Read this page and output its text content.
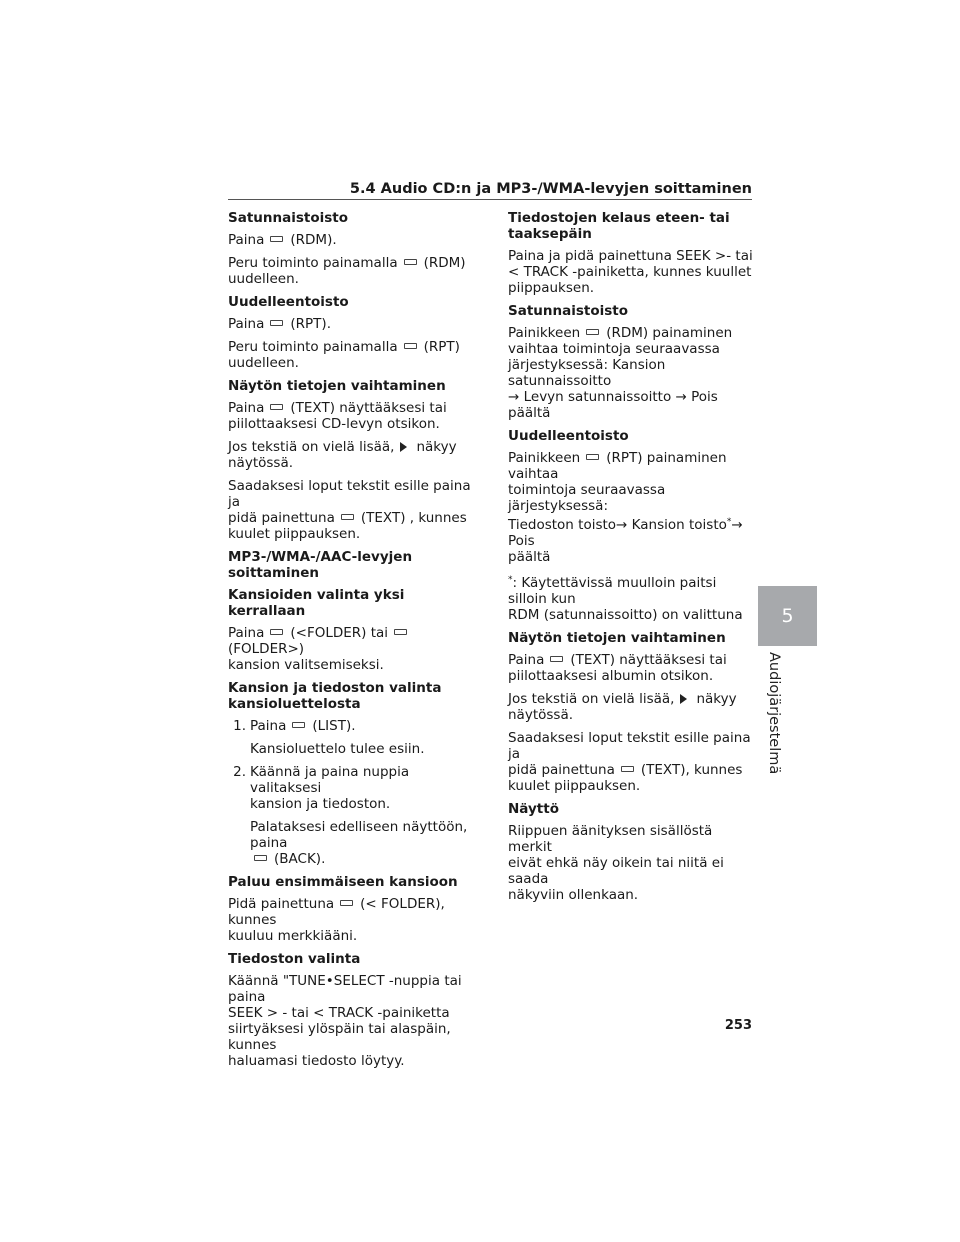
5.4 Audio CD:n ja MP3-/WMA-levyjen soittaminen

Satunnaistoisto

Paina (RDM).

Peru toiminto painamalla (RDM)
uudelleen.

Uudelleentoisto

Paina (RPT).

Peru toiminto painamalla (RPT)
uudelleen.

Näytön tietojen vaihtaminen

Paina (TEXT) näyttääksesi tai
piilottaaksesi CD-levyn otsikon.

Jos tekstiä on vielä lisää, näkyy
näytössä.

Saadaksesi loput tekstit esille paina ja
pidä painettuna (TEXT) , kunnes
kuulet piippauksen.

MP3-/WMA-/AAC-levyjen soittaminen

Kansioiden valinta yksi kerrallaan

Paina (<FOLDER) tai(FOLDER>)
kansion valitsemiseksi.

Kansion ja tiedoston valinta
kansioluettelosta

1. Paina (LIST).

Kansioluettelo tulee esiin.

2. Käännä ja paina nuppia valitaksesi
kansion ja tiedoston.

Palataksesi edelliseen näyttöön, paina
(BACK).

Paluu ensimmäiseen kansioon

Pidä painettuna (< FOLDER), kunnes
kuuluu merkkiääni.

Tiedoston valinta

Käännä "TUNE•SELECT -nuppia tai paina
SEEK > - tai < TRACK -painiketta
siirtyäksesi ylöspäin tai alaspäin, kunnes
haluamasi tiedosto löytyy.

Tiedostojen kelaus eteen- tai
taaksepäin

Paina ja pidä painettuna SEEK >- tai
< TRACK -painiketta, kunnes kuullet
piippauksen.

Satunnaistoisto

Painikkeen (RDM) painaminen
vaihtaa toimintoja seuraavassa
järjestyksessä: Kansion satunnaissoitto
→ Levyn satunnaissoitto → Pois päältä

Uudelleentoisto

Painikkeen (RPT) painaminen vaihtaa
toimintoja seuraavassa järjestyksessä:
Tiedoston toisto→ Kansion toisto*→ Pois
päältä

*: Käytettävissä muulloin paitsi silloin kun
RDM (satunnaissoitto) on valittuna

Näytön tietojen vaihtaminen

Paina (TEXT) näyttääksesi tai
piilottaaksesi albumin otsikon.

Jos tekstiä on vielä lisää, näkyy
näytössä.

Saadaksesi loput tekstit esille paina ja
pidä painettuna (TEXT), kunnes
kuulet piippauksen.

Näyttö

Riippuen äänityksen sisällöstä merkit
eivät ehkä näy oikein tai niitä ei saada
näkyviin ollenkaan.

5
Audiojärjestelmä
253
